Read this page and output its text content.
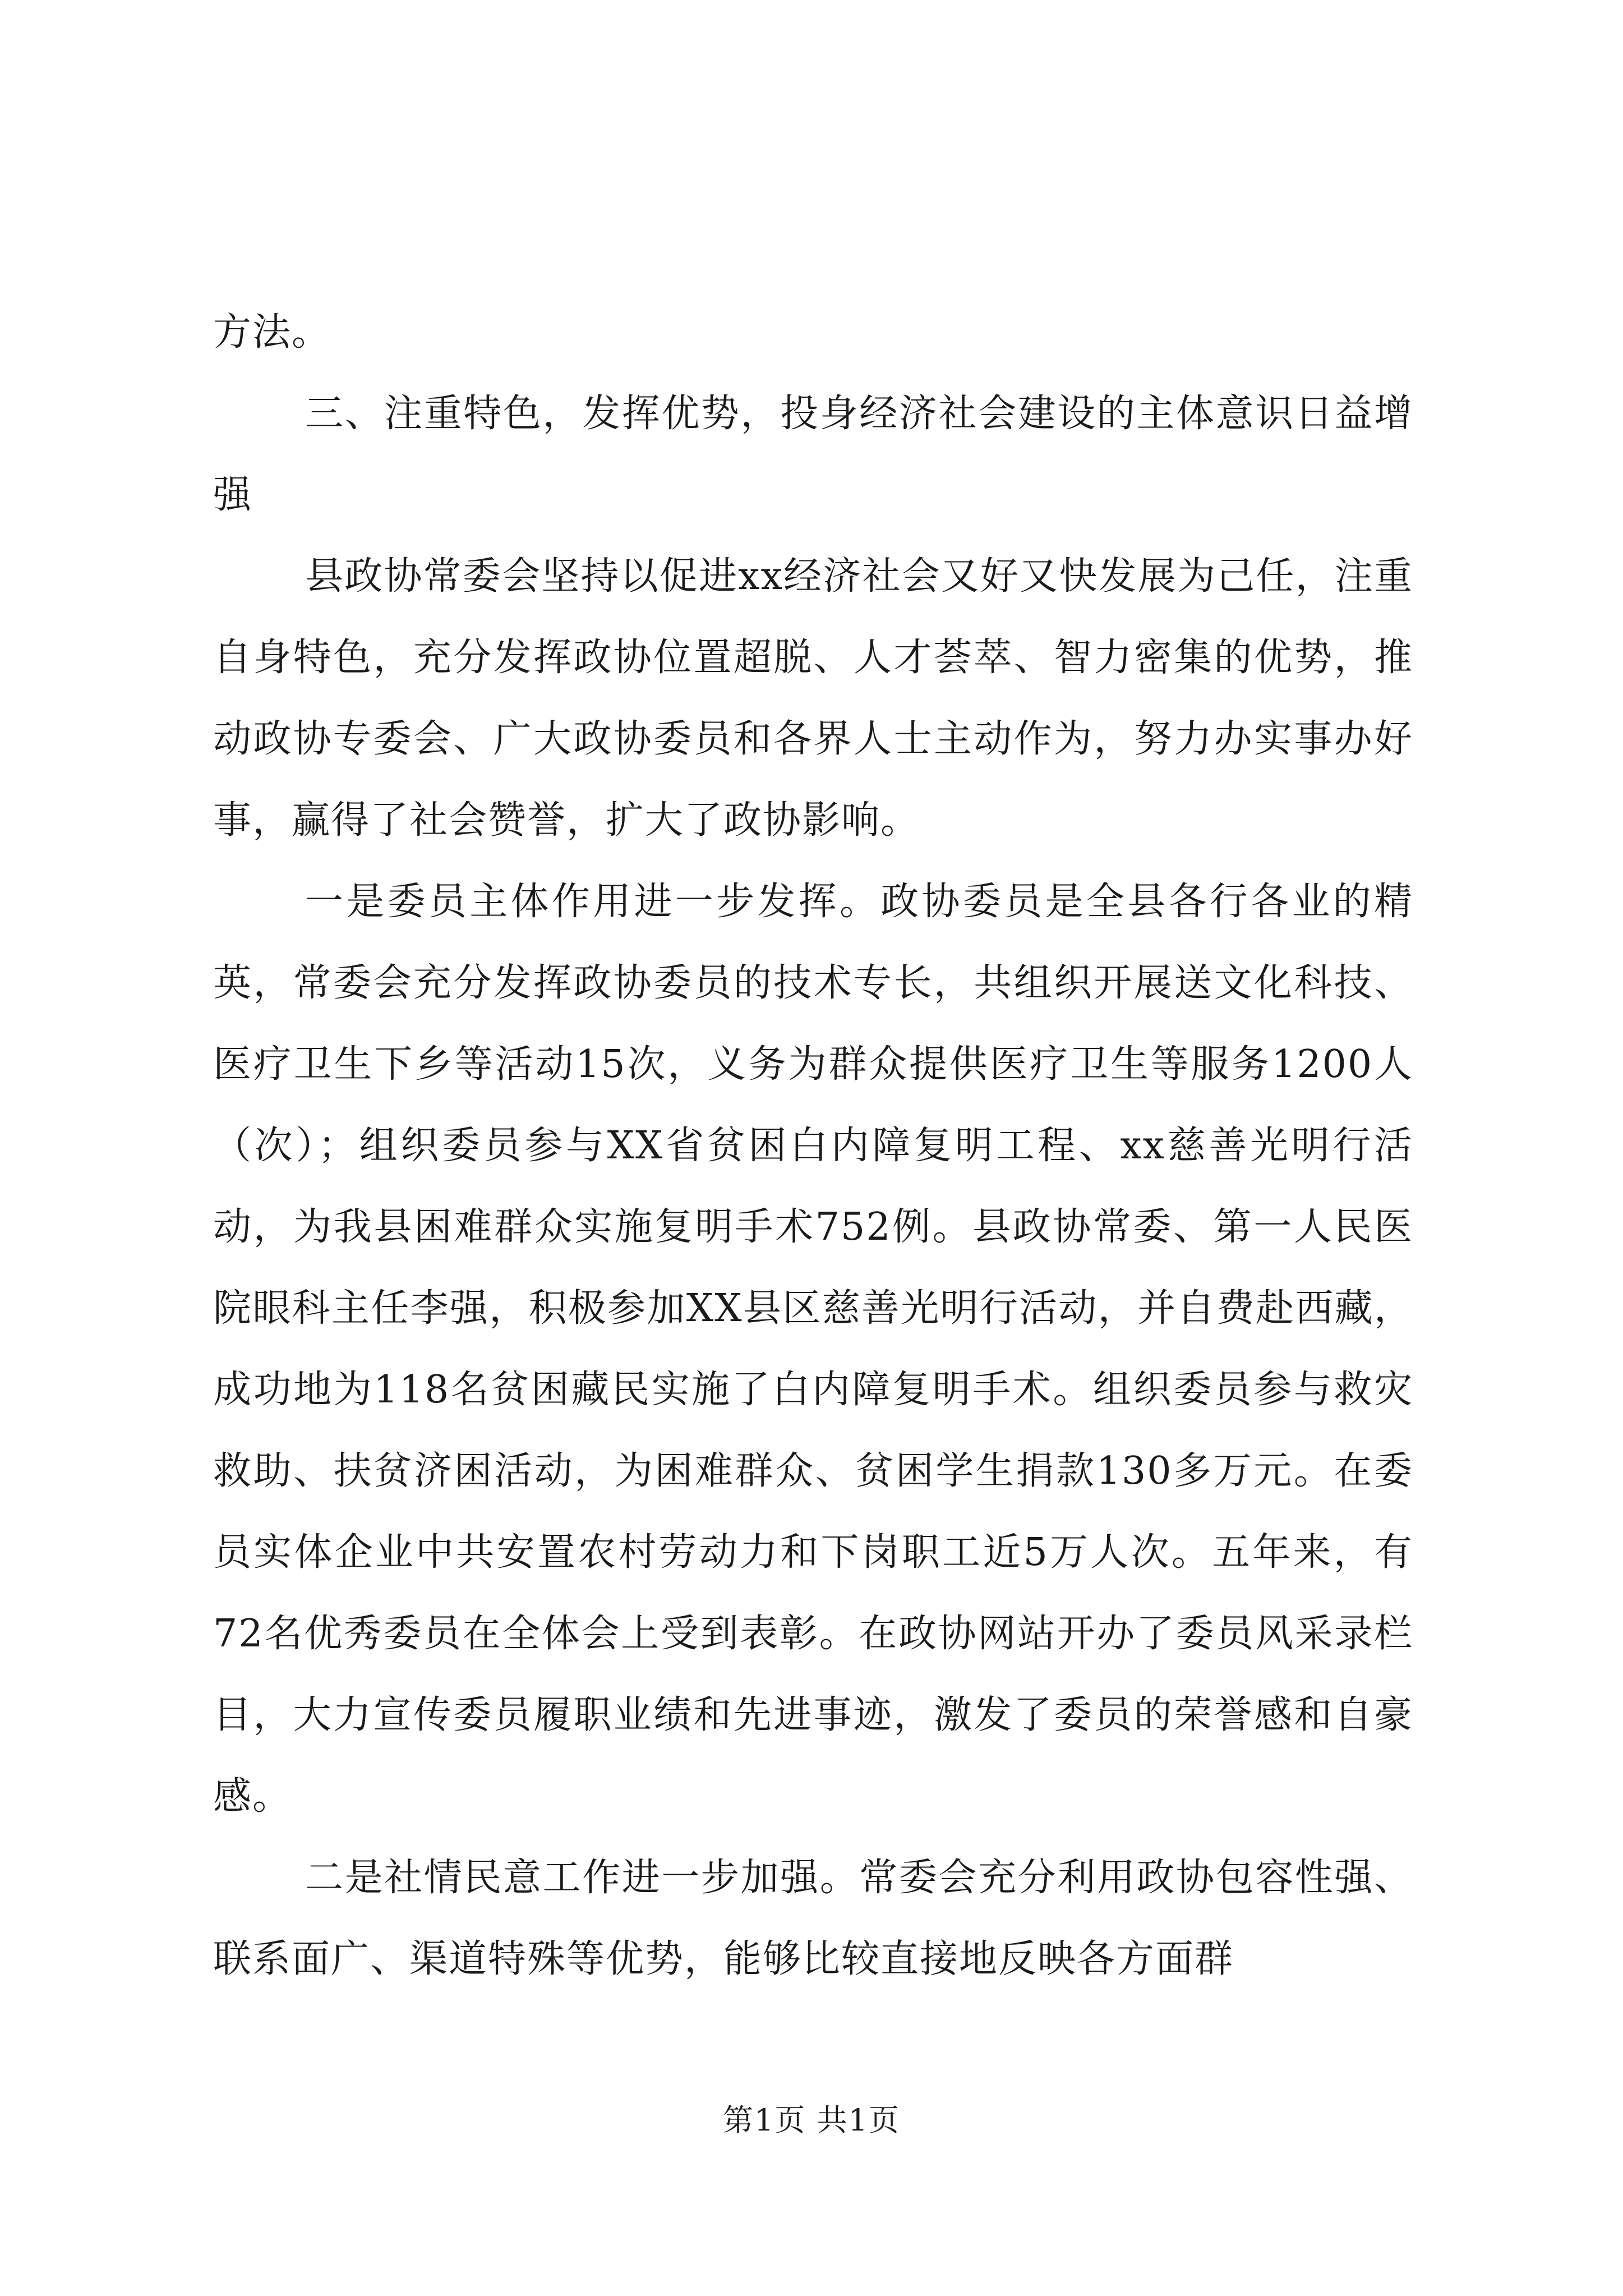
方法。

三、注重特色，发挥优势，投身经济社会建设的主体意识日益增强

县政协常委会坚持以促进xx经济社会又好又快发展为己任，注重自身特色，充分发挥政协位置超脱、人才荟萃、智力密集的优势，推动政协专委会、广大政协委员和各界人士主动作为，努力办实事办好事，赢得了社会赞誉，扩大了政协影响。

一是委员主体作用进一步发挥。政协委员是全县各行各业的精英，常委会充分发挥政协委员的技术专长，共组织开展送文化科技、医疗卫生下乡等活动15次，义务为群众提供医疗卫生等服务1200人（次）；组织委员参与XX省贫困白内障复明工程、xx慈善光明行活动，为我县困难群众实施复明手术752例。县政协常委、第一人民医院眼科主任李强，积极参加XX县区慈善光明行活动，并自费赴西藏，成功地为118名贫困藏民实施了白内障复明手术。组织委员参与救灾救助、扶贫济困活动，为困难群众、贫困学生捐款130多万元。在委员实体企业中共安置农村劳动力和下岗职工近5万人次。五年来，有72名优秀委员在全体会上受到表彰。在政协网站开办了委员风采录栏目，大力宣传委员履职业绩和先进事迹，激发了委员的荣誉感和自豪感。

二是社情民意工作进一步加强。常委会充分利用政协包容性强、联系面广、渠道特殊等优势，能够比较直接地反映各方面群

第1页 共1页
